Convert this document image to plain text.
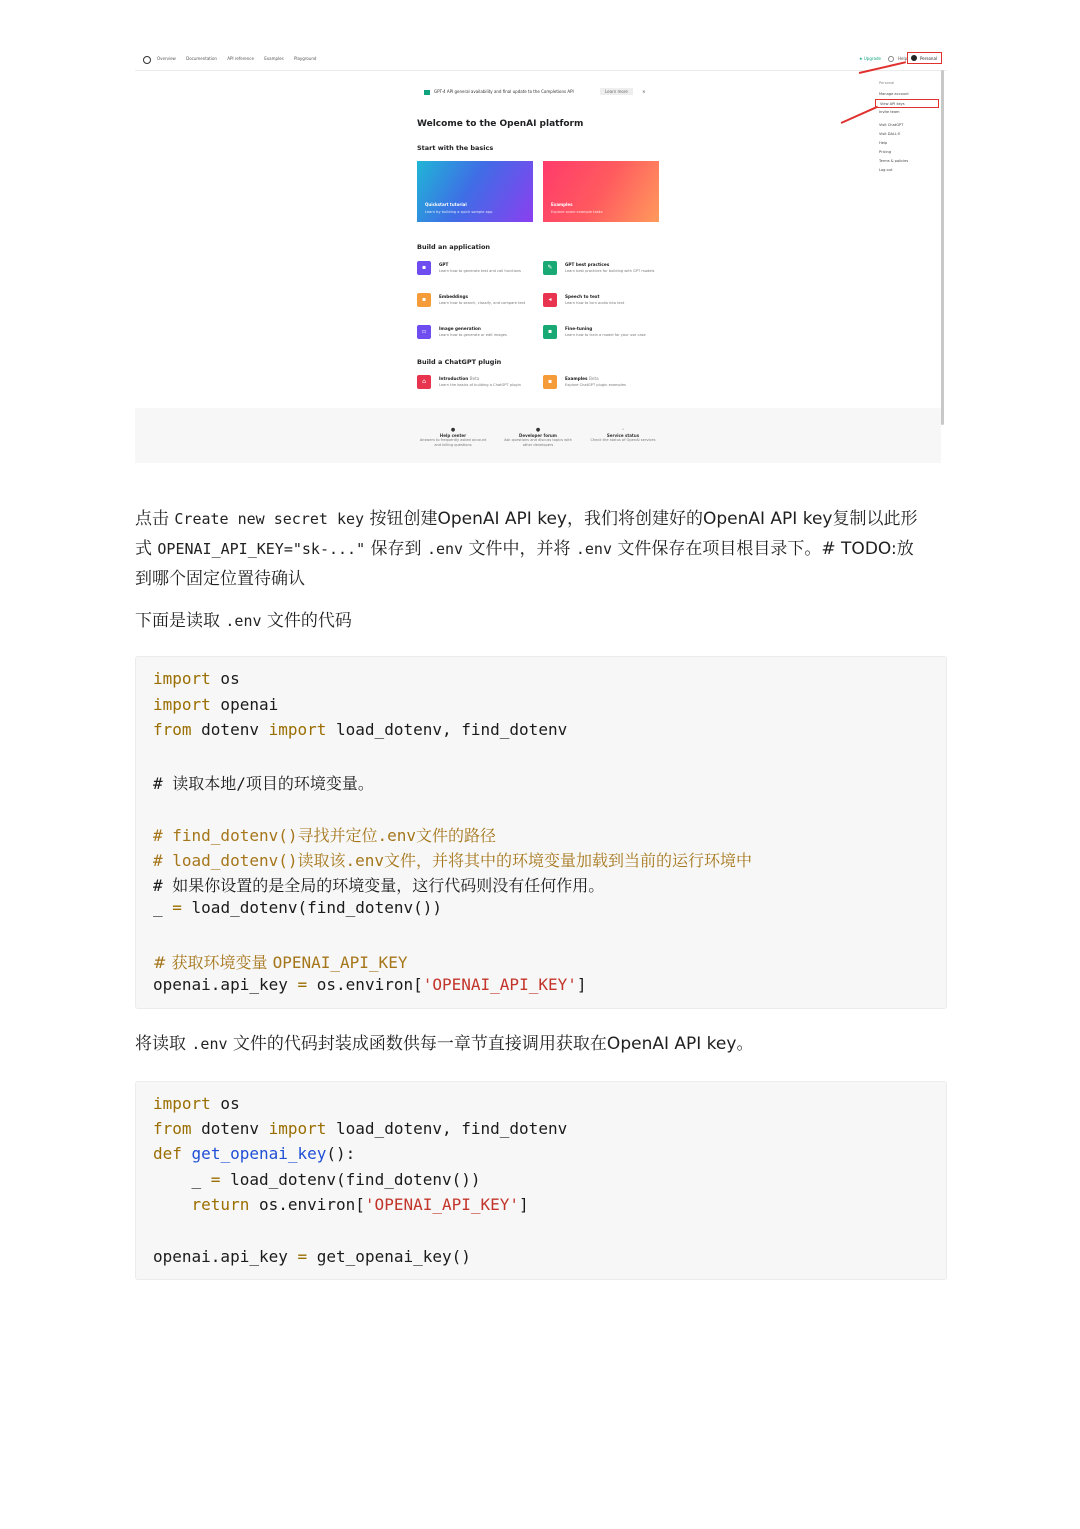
Overview	Documentation	API reference	Examples	Playground	★ Upgrade	Help	Personal
Personal
Manage account
View API keys
Invite team
Visit ChatGPT
Visit DALL·E
Help
Pricing
Terms & policies
Log out
GPT-4 API general availability and final update to the Completions API	Learn more	×
Welcome to the OpenAI platform
Start with the basics
Quickstart tutorial
Learn by building a quick sample app
Examples
Explore some example tasks
Build an application
▪	GPT
Learn how to generate text and call functions	✎	GPT best practices
Learn best practices for building with GPT models
▪	Embeddings
Learn how to search, classify, and compare text	◂	Speech to text
Learn how to turn audio into text
▫	Image generation
Learn how to generate or edit images	▪	Fine-tuning
Learn how to train a model for your use case
Build a ChatGPT plugin
⌂	Introduction Beta
Learn the basics of building a ChatGPT plugin	▪	Examples Beta
Explore ChatGPT plugin examples
●
Help center
Answers to frequently asked account and billing questions
●
Developer forum
Ask questions and discuss topics with other developers
◦
Service status
Check the status of OpenAI services
点击 Create new secret key 按钮创建OpenAI API key，我们将创建好的OpenAI API key复制以此形
式 OPENAI_API_KEY="sk-..." 保存到 .env 文件中，并将 .env 文件保存在项目根目录下。# TODO:放
到哪个固定位置待确认
下面是读取 .env 文件的代码
import os
import openai
from dotenv import load_dotenv, find_dotenv
# 读取本地/项目的环境变量。
# find_dotenv()寻找并定位.env文件的路径
# load_dotenv()读取该.env文件，并将其中的环境变量加载到当前的运行环境中
# 如果你设置的是全局的环境变量，这行代码则没有任何作用。
_ = load_dotenv(find_dotenv())
# 获取环境变量 OPENAI_API_KEY
openai.api_key = os.environ['OPENAI_API_KEY']
将读取 .env 文件的代码封装成函数供每一章节直接调用获取在OpenAI API key。
import os
from dotenv import load_dotenv, find_dotenv
def get_openai_key():
_ = load_dotenv(find_dotenv())
return os.environ['OPENAI_API_KEY']
openai.api_key = get_openai_key()
